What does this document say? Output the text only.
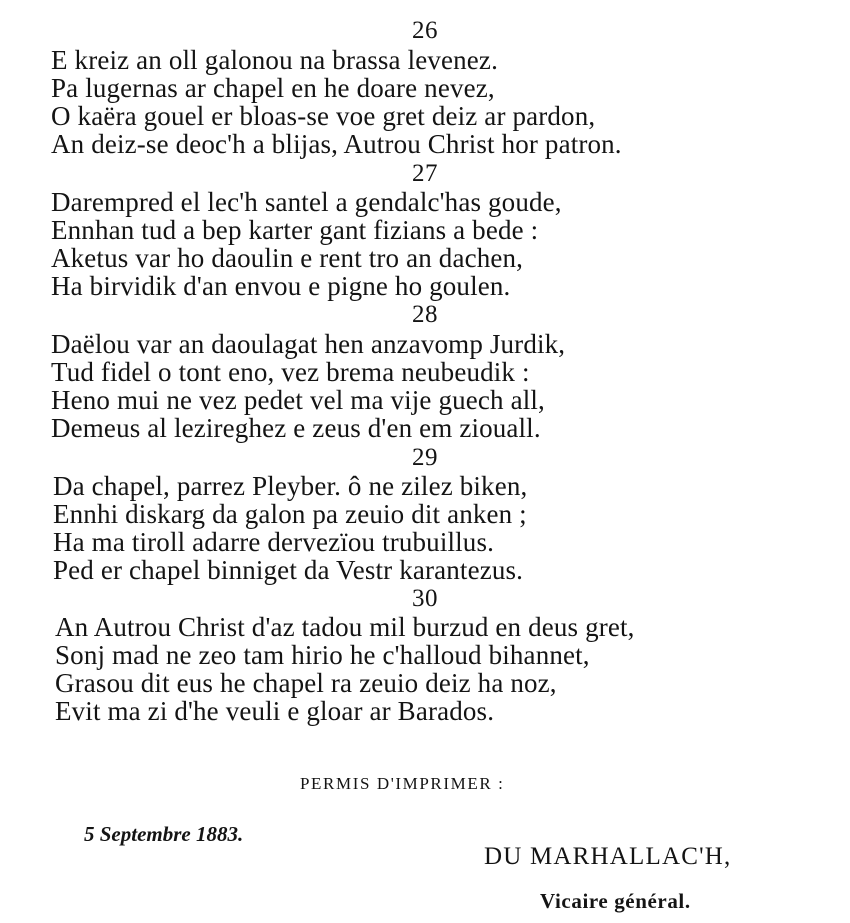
26
E kreiz an oll galonou na brassa levenez.
Pa lugernas ar chapel en he doare nevez,
O kaëra gouel er bloas-se voe gret deiz ar pardon,
An deiz-se deoc'h a blijas, Autrou Christ hor patron.
27
Darempred el lec'h santel a gendalc'has goude,
Ennhan tud a bep karter gant fizians a bede :
Aketus var ho daoulin e rent tro an dachen,
Ha birvidik d'an envou e pigne ho goulen.
28
Daëlou var an daoulagat hen anzavomp Jurdik,
Tud fidel o tont eno, vez brema neubeudik :
Heno mui ne vez pedet vel ma vije guech all,
Demeus al lezireghez e zeus d'en em ziouall.
29
Da chapel, parrez Pleyber. ô ne zilez biken,
Ennhi diskarg da galon pa zeuio dit anken ;
Ha ma tiroll adarre dervezïou trubuillus.
Ped er chapel binniget da Vestr karantezus.
30
An Autrou Christ d'az tadou mil burzud en deus gret,
Sonj mad ne zeo tam hirio he c'halloud bihannet,
Grasou dit eus he chapel ra zeuio deiz ha noz,
Evit ma zi d'he veuli e gloar ar Barados.
PERMIS D'IMPRIMER :
5 Septembre 1883.
DU MARHALLAC'H,
Vicaire général.
